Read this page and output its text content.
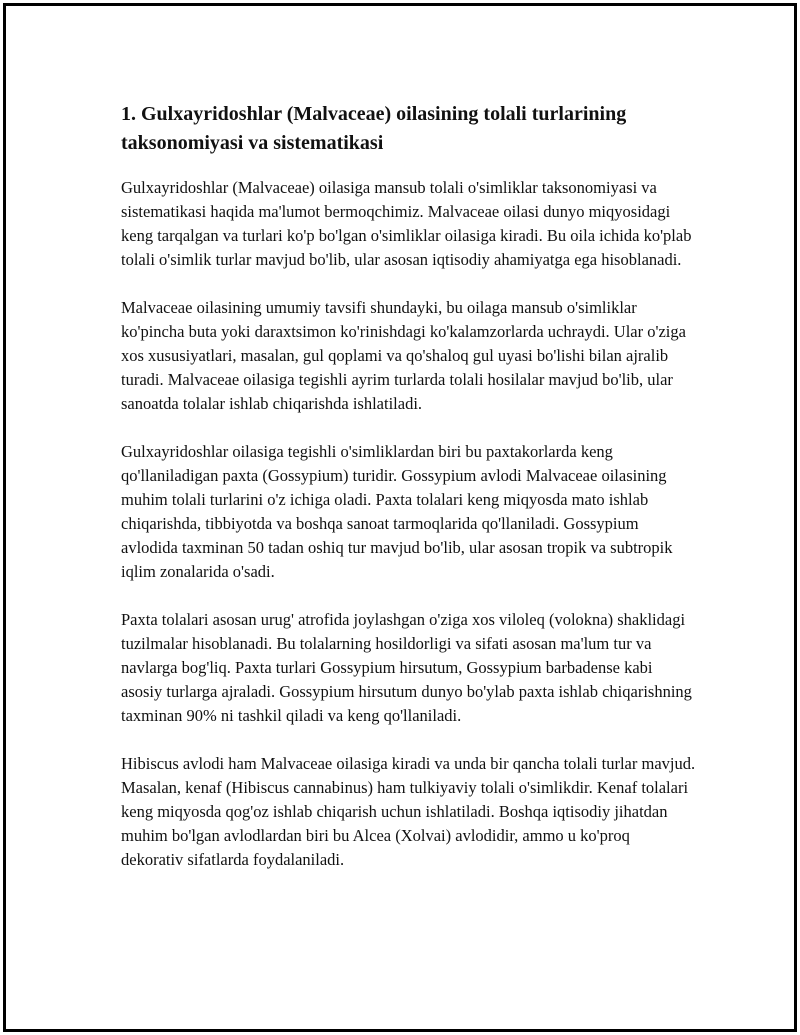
1. Gulxayridoshlar (Malvaceae) oilasining tolali turlarining taksonomiyasi va sistematikasi

Gulxayridoshlar (Malvaceae) oilasiga mansub tolali o'simliklar taksonomiyasi va sistematikasi haqida ma'lumot bermoqchimiz. Malvaceae oilasi dunyo miqyosidagi keng tarqalgan va turlari ko'p bo'lgan o'simliklar oilasiga kiradi. Bu oila ichida ko'plab tolali o'simlik turlar mavjud bo'lib, ular asosan iqtisodiy ahamiyatga ega hisoblanadi.

Malvaceae oilasining umumiy tavsifi shundayki, bu oilaga mansub o'simliklar ko'pincha buta yoki daraxtsimon ko'rinishdagi ko'kalamzorlarda uchraydi. Ular o'ziga xos xususiyatlari, masalan, gul qoplami va qo'shaloq gul uyasi bo'lishi bilan ajralib turadi. Malvaceae oilasiga tegishli ayrim turlarda tolali hosilalar mavjud bo'lib, ular sanoatda tolalar ishlab chiqarishda ishlatiladi.

Gulxayridoshlar oilasiga tegishli o'simliklardan biri bu paxtakorlarda keng qo'llaniladigan paxta (Gossypium) turidir. Gossypium avlodi Malvaceae oilasining muhim tolali turlarini o'z ichiga oladi. Paxta tolalari keng miqyosda mato ishlab chiqarishda, tibbiyotda va boshqa sanoat tarmoqlarida qo'llaniladi. Gossypium avlodida taxminan 50 tadan oshiq tur mavjud bo'lib, ular asosan tropik va subtropik iqlim zonalarida o'sadi.

Paxta tolalari asosan urug' atrofida joylashgan o'ziga xos viloleq (volokna) shaklidagi tuzilmalar hisoblanadi. Bu tolalarning hosildorligi va sifati asosan ma'lum tur va navlarga bog'liq. Paxta turlari Gossypium hirsutum, Gossypium barbadense kabi asosiy turlarga ajraladi. Gossypium hirsutum dunyo bo'ylab paxta ishlab chiqarishning taxminan 90% ni tashkil qiladi va keng qo'llaniladi.

Hibiscus avlodi ham Malvaceae oilasiga kiradi va unda bir qancha tolali turlar mavjud. Masalan, kenaf (Hibiscus cannabinus) ham tulkiyaviy tolali o'simlikdir. Kenaf tolalari keng miqyosda qog'oz ishlab chiqarish uchun ishlatiladi. Boshqa iqtisodiy jihatdan muhim bo'lgan avlodlardan biri bu Alcea (Xolvai) avlodidir, ammo u ko'proq dekorativ sifatlarda foydalaniladi.
